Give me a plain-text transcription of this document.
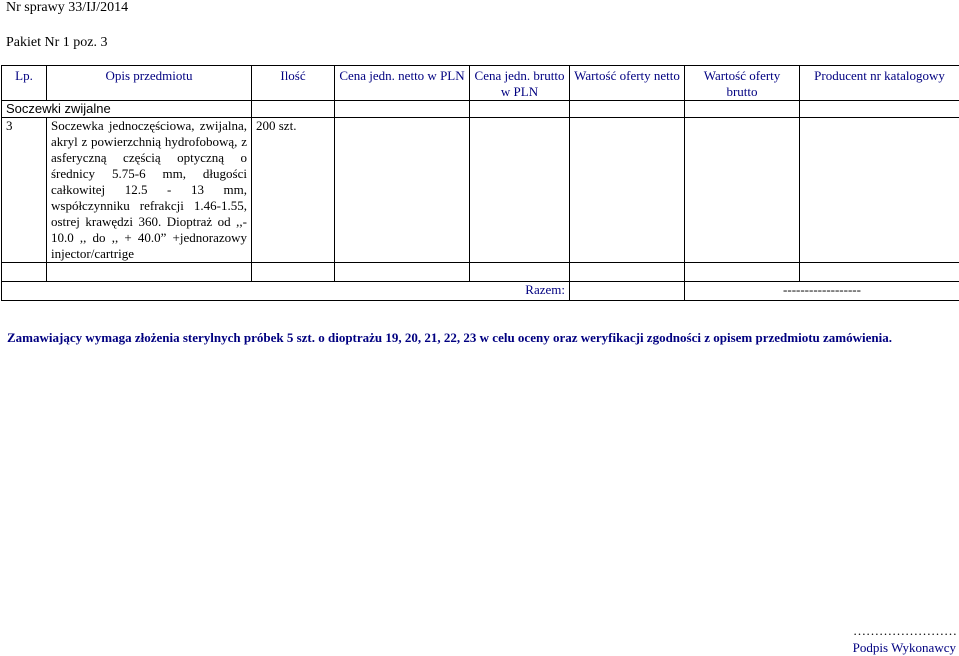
Nr sprawy 33/IJ/2014
Pakiet Nr 1 poz. 3
Lp.	Opis przedmiotu	Ilość	Cena jedn. netto w PLN	Cena jedn. brutto w PLN	Wartość oferty netto	Wartość oferty brutto	Producent nr katalogowy
Soczewki zwijalne							
3	Soczewka jednoczęściowa, zwijalna, akryl z powierzchnią hydrofobową, z asferyczną częścią optyczną o średnicy 5.75-6 mm, długości całkowitej 12.5 - 13 mm, współczynniku refrakcji 1.46-1.55, ostrej krawędzi 360. Dioptraż od ,,- 10.0 ,, do ,, + 40.0” +jednorazowy injector/cartrige	200 szt.					

Razem:						------------------	
Zamawiający wymaga złożenia sterylnych próbek 5 szt. o dioptrażu 19, 20, 21, 22, 23 w celu oceny oraz weryfikacji zgodności z opisem przedmiotu zamówienia.
……………………
Podpis Wykonawcy
